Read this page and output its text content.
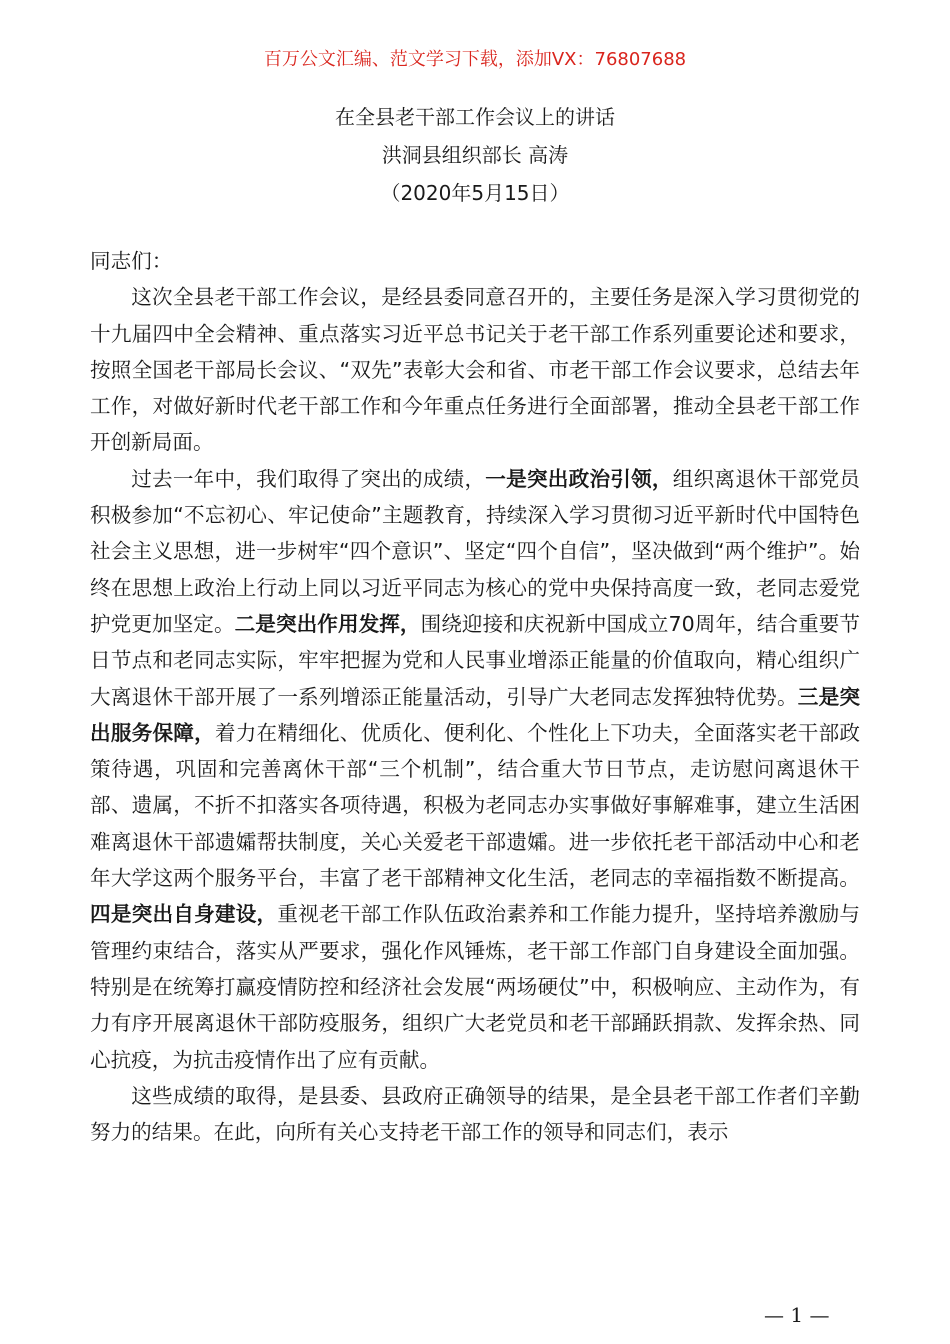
百万公文汇编、范文学习下载，添加VX：76807688
在全县老干部工作会议上的讲话
洪洞县组织部长 高涛
（2020年5月15日）

同志们：

这次全县老干部工作会议，是经县委同意召开的，主要任务是深入学习贯彻党的十九届四中全会精神、重点落实习近平总书记关于老干部工作系列重要论述和要求，按照全国老干部局长会议、“双先”表彰大会和省、市老干部工作会议要求，总结去年工作，对做好新时代老干部工作和今年重点任务进行全面部署，推动全县老干部工作开创新局面。

过去一年中，我们取得了突出的成绩，一是突出政治引领，组织离退休干部党员积极参加“不忘初心、牢记使命”主题教育，持续深入学习贯彻习近平新时代中国特色社会主义思想，进一步树牢“四个意识”、坚定“四个自信”，坚决做到“两个维护”。始终在思想上政治上行动上同以习近平同志为核心的党中央保持高度一致，老同志爱党护党更加坚定。二是突出作用发挥，围绕迎接和庆祝新中国成立70周年，结合重要节日节点和老同志实际，牢牢把握为党和人民事业增添正能量的价值取向，精心组织广大离退休干部开展了一系列增添正能量活动，引导广大老同志发挥独特优势。三是突出服务保障，着力在精细化、优质化、便利化、个性化上下功夫，全面落实老干部政策待遇，巩固和完善离休干部“三个机制”，结合重大节日节点，走访慰问离退休干部、遗属，不折不扣落实各项待遇，积极为老同志办实事做好事解难事，建立生活困难离退休干部遗孀帮扶制度，关心关爱老干部遗孀。进一步依托老干部活动中心和老年大学这两个服务平台，丰富了老干部精神文化生活，老同志的幸福指数不断提高。四是突出自身建设，重视老干部工作队伍政治素养和工作能力提升，坚持培养激励与管理约束结合，落实从严要求，强化作风锤炼，老干部工作部门自身建设全面加强。特别是在统筹打赢疫情防控和经济社会发展“两场硬仗”中，积极响应、主动作为，有力有序开展离退休干部防疫服务，组织广大老党员和老干部踊跃捐款、发挥余热、同心抗疫，为抗击疫情作出了应有贡献。

这些成绩的取得，是县委、县政府正确领导的结果，是全县老干部工作者们辛勤努力的结果。在此，向所有关心支持老干部工作的领导和同志们，表示

— 1 —
